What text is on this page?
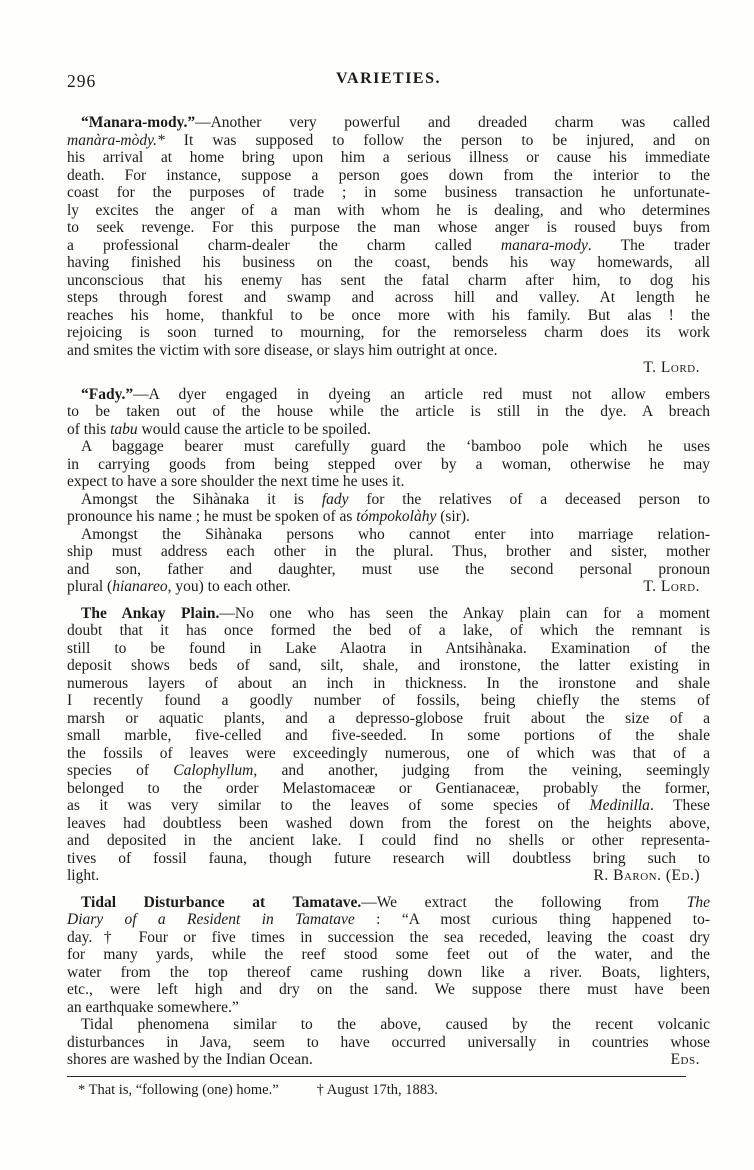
296	VARIETIES.
“Manara-mody.”—Another very powerful and dreaded charm was called
manàra-mòdy.* It was supposed to follow the person to be injured, and on
his arrival at home bring upon him a serious illness or cause his immediate
death. For instance, suppose a person goes down from the interior to the
coast for the purposes of trade ; in some business transaction he unfortunate-
ly excites the anger of a man with whom he is dealing, and who determines
to seek revenge. For this purpose the man whose anger is roused buys from
a professional charm-dealer the charm called manara-mody. The trader
having finished his business on the coast, bends his way homewards, all
unconscious that his enemy has sent the fatal charm after him, to dog his
steps through forest and swamp and across hill and valley. At length he
reaches his home, thankful to be once more with his family. But alas ! the
rejoicing is soon turned to mourning, for the remorseless charm does its work
and smites the victim with sore disease, or slays him outright at once.
T. Lord.
“Fady.”—A dyer engaged in dyeing an article red must not allow embers
to be taken out of the house while the article is still in the dye. A breach
of this tabu would cause the article to be spoiled.
A baggage bearer must carefully guard the ‘bamboo pole which he uses
in carrying goods from being stepped over by a woman, otherwise he may
expect to have a sore shoulder the next time he uses it.
Amongst the Sihànaka it is fady for the relatives of a deceased person to
pronounce his name ; he must be spoken of as tómpokolàhy (sir).
Amongst the Sihànaka persons who cannot enter into marriage relation-
ship must address each other in the plural. Thus, brother and sister, mother
and son, father and daughter, must use the second personal pronoun
plural (hianareo, you) to each other.	T. Lord.
The Ankay Plain.—No one who has seen the Ankay plain can for a moment
doubt that it has once formed the bed of a lake, of which the remnant is
still to be found in Lake Alaotra in Antsihànaka. Examination of the
deposit shows beds of sand, silt, shale, and ironstone, the latter existing in
numerous layers of about an inch in thickness. In the ironstone and shale
I recently found a goodly number of fossils, being chiefly the stems of
marsh or aquatic plants, and a depresso-globose fruit about the size of a
small marble, five-celled and five-seeded. In some portions of the shale
the fossils of leaves were exceedingly numerous, one of which was that of a
species of Calophyllum, and another, judging from the veining, seemingly
belonged to the order Melastomaceæ or Gentianaceæ, probably the former,
as it was very similar to the leaves of some species of Medinilla. These
leaves had doubtless been washed down from the forest on the heights above,
and deposited in the ancient lake. I could find no shells or other representa-
tives of fossil fauna, though future research will doubtless bring such to
light.	R. Baron. (Ed.)
Tidal Disturbance at Tamatave.—We extract the following from The
Diary of a Resident in Tamatave : “A most curious thing happened to-
day.† Four or five times in succession the sea receded, leaving the coast dry
for many yards, while the reef stood some feet out of the water, and the
water from the top thereof came rushing down like a river. Boats, lighters,
etc., were left high and dry on the sand. We suppose there must have been
an earthquake somewhere.”
Tidal phenomena similar to the above, caused by the recent volcanic
disturbances in Java, seem to have occurred universally in countries whose
shores are washed by the Indian Ocean.	Eds.
* That is, “following (one) home.”	† August 17th, 1883.
